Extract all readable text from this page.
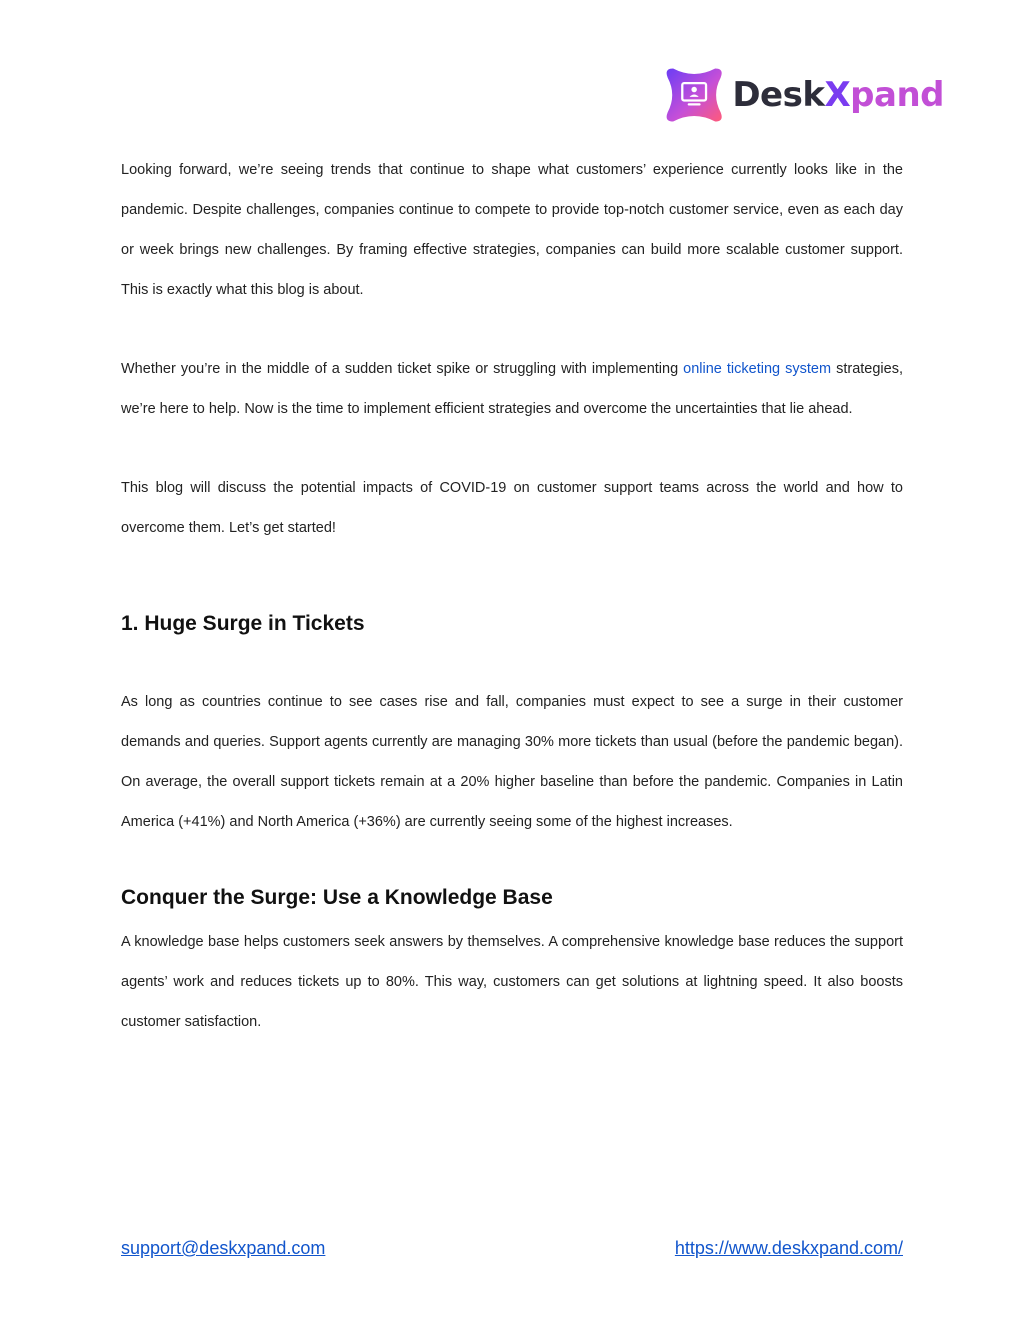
DeskXpand

Looking forward, we’re seeing trends that continue to shape what customers’ experience currently looks like in the pandemic. Despite challenges, companies continue to compete to provide top-notch customer service, even as each day or week brings new challenges. By framing effective strategies, companies can build more scalable customer support. This is exactly what this blog is about.

Whether you’re in the middle of a sudden ticket spike or struggling with implementing online ticketing system strategies, we’re here to help. Now is the time to implement efficient strategies and overcome the uncertainties that lie ahead.

This blog will discuss the potential impacts of COVID-19 on customer support teams across the world and how to overcome them. Let’s get started!

1. Huge Surge in Tickets

As long as countries continue to see cases rise and fall, companies must expect to see a surge in their customer demands and queries. Support agents currently are managing 30% more tickets than usual (before the pandemic began). On average, the overall support tickets remain at a 20% higher baseline than before the pandemic. Companies in Latin America (+41%) and North America (+36%) are currently seeing some of the highest increases.

Conquer the Surge: Use a Knowledge Base

A knowledge base helps customers seek answers by themselves. A comprehensive knowledge base reduces the support agents’ work and reduces tickets up to 80%. This way, customers can get solutions at lightning speed. It also boosts customer satisfaction.

support@deskxpand.com	https://www.deskxpand.com/
